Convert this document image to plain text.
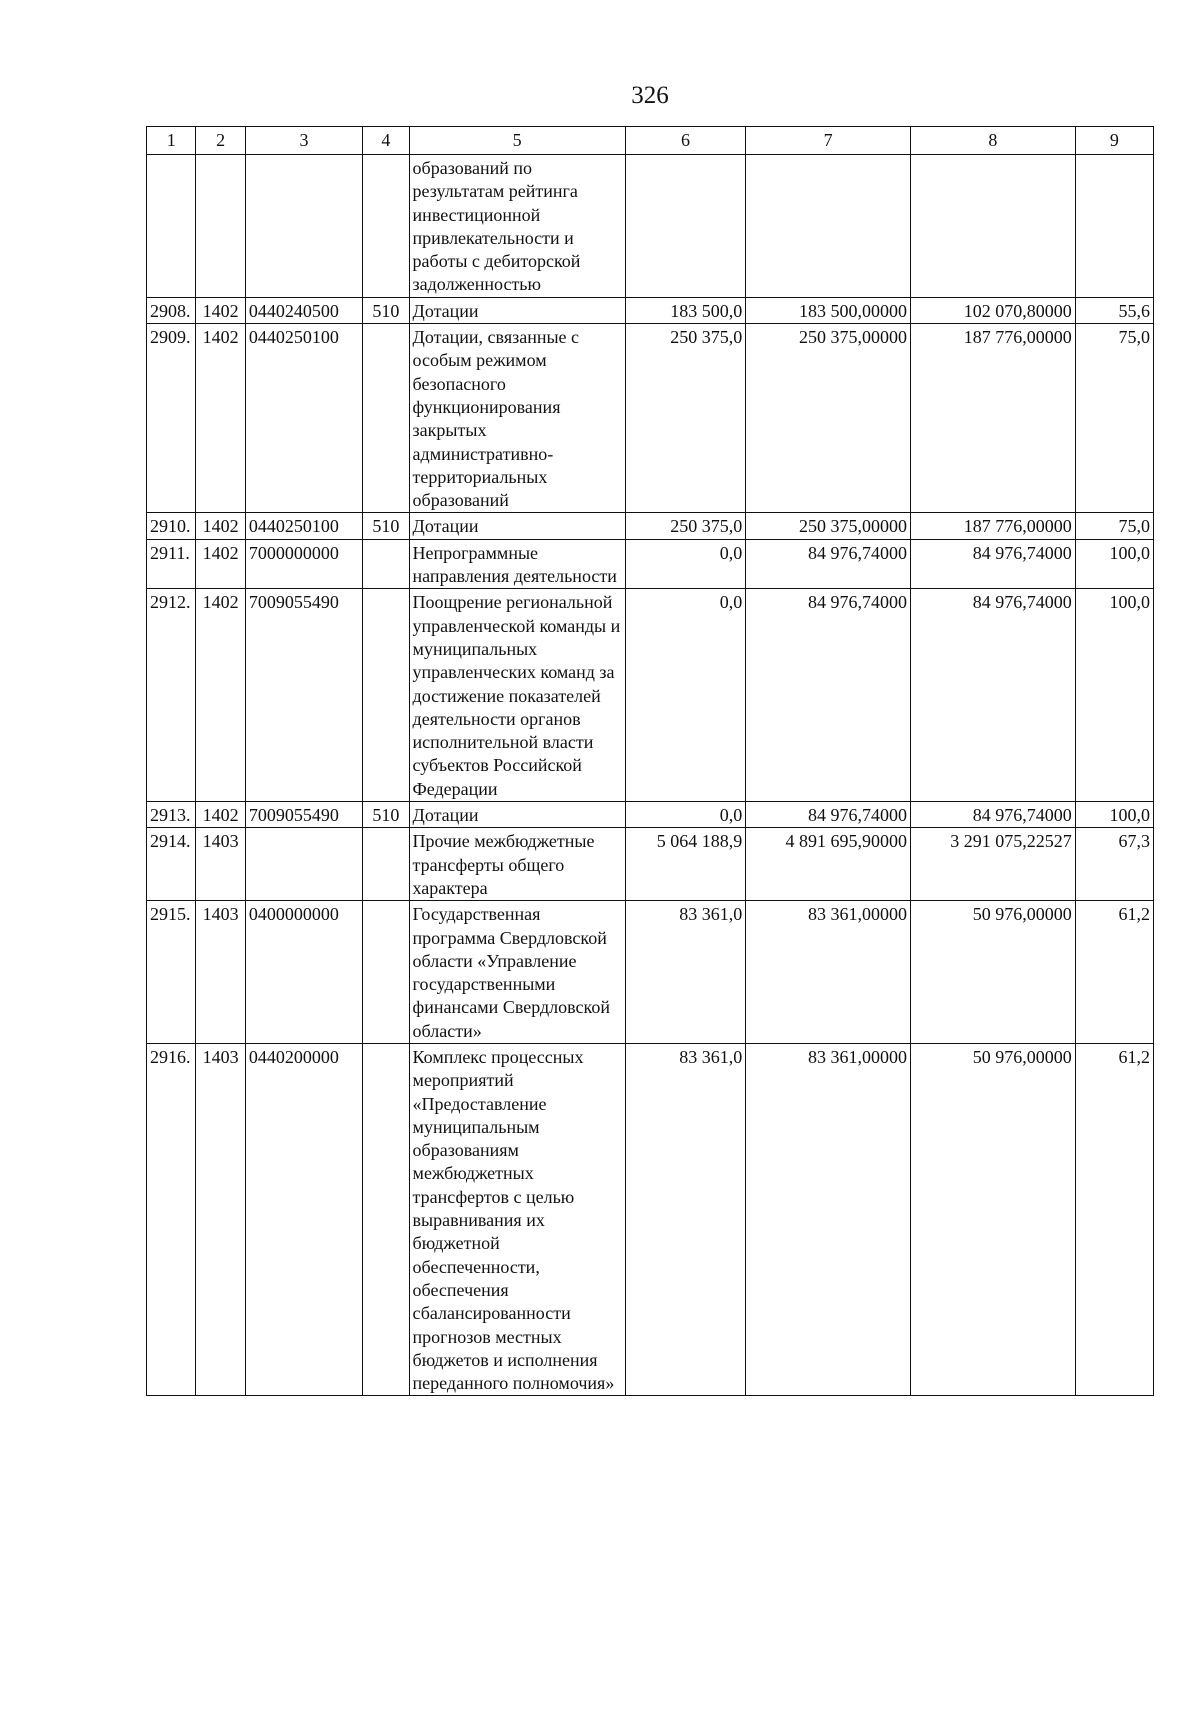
326
1	2	3	4	5	6	7	8	9
				образований по результатам рейтинга инвестиционной привлекательности и работы с дебиторской задолженностью				
2908.	1402	0440240500	510	Дотации	183 500,0	183 500,00000	102 070,80000	55,6
2909.	1402	0440250100		Дотации, связанные с особым режимом безопасного функционирования закрытых административно-территориальных образований	250 375,0	250 375,00000	187 776,00000	75,0
2910.	1402	0440250100	510	Дотации	250 375,0	250 375,00000	187 776,00000	75,0
2911.	1402	7000000000		Непрограммные направления деятельности	0,0	84 976,74000	84 976,74000	100,0
2912.	1402	7009055490		Поощрение региональной управленческой команды и муниципальных управленческих команд за достижение показателей деятельности органов исполнительной власти субъектов Российской Федерации	0,0	84 976,74000	84 976,74000	100,0
2913.	1402	7009055490	510	Дотации	0,0	84 976,74000	84 976,74000	100,0
2914.	1403			Прочие межбюджетные трансферты общего характера	5 064 188,9	4 891 695,90000	3 291 075,22527	67,3
2915.	1403	0400000000		Государственная программа Свердловской области «Управление государственными финансами Свердловской области»	83 361,0	83 361,00000	50 976,00000	61,2
2916.	1403	0440200000		Комплекс процессных мероприятий «Предоставление муниципальным образованиям межбюджетных трансфертов с целью выравнивания их бюджетной обеспеченности, обеспечения сбалансированности прогнозов местных бюджетов и исполнения переданного полномочия»	83 361,0	83 361,00000	50 976,00000	61,2
